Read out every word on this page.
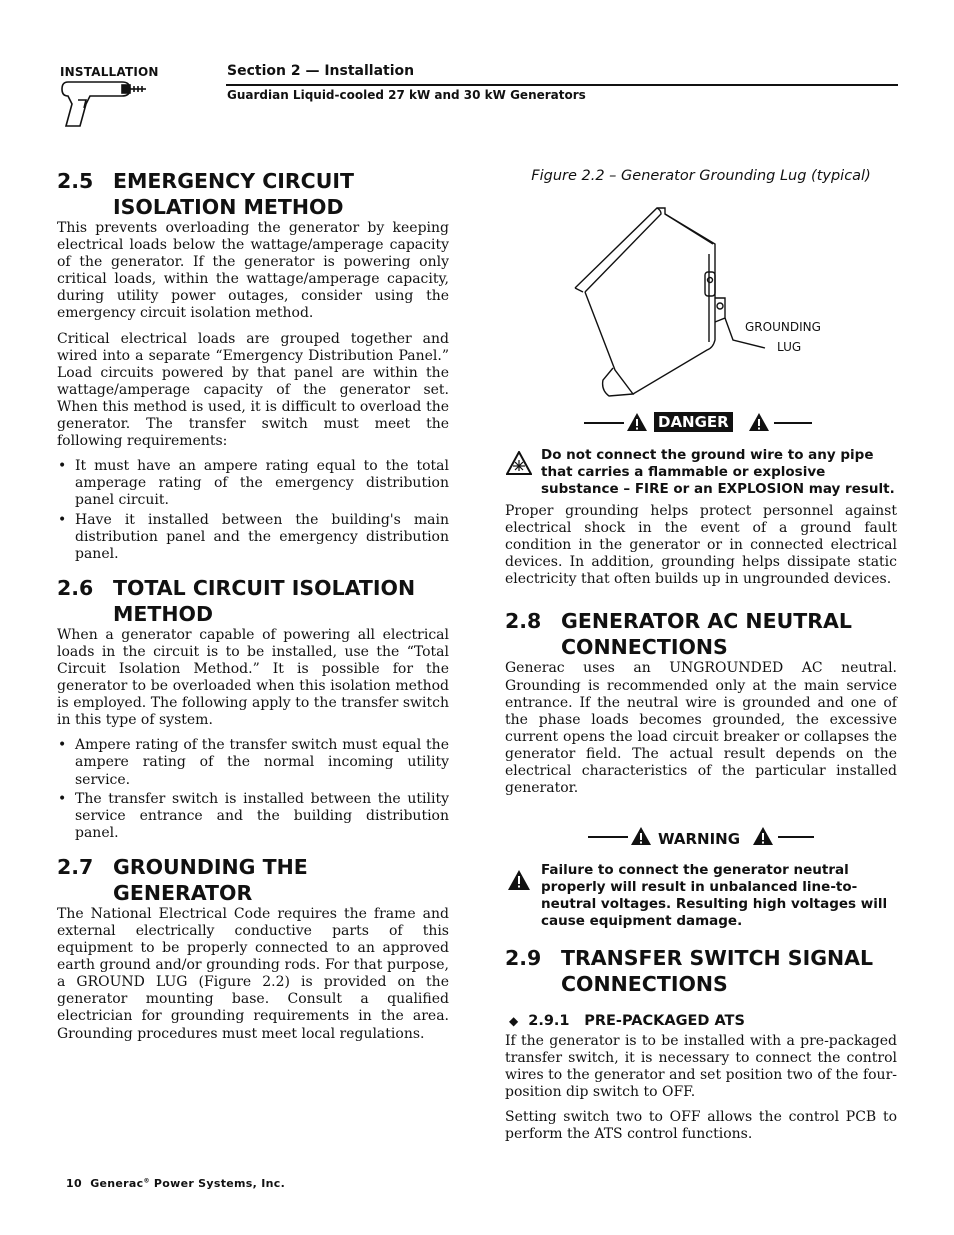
INSTALLATION	Section 2 — Installation
Guardian Liquid-cooled 27 kW and 30 kW Generators
2.5 EMERGENCY CIRCUIT ISOLATION METHOD

This prevents overloading the generator by keeping electrical loads below the wattage/amperage capacity of the generator. If the generator is powering only critical loads, within the wattage/amperage capacity, during utility power outages, consider using the emergency circuit isolation method.

Critical electrical loads are grouped together and wired into a separate “Emergency Distribution Panel.” Load circuits powered by that panel are within the wattage/amperage capacity of the generator set. When this method is used, it is difficult to overload the generator. The transfer switch must meet the following requirements:

• It must have an ampere rating equal to the total amperage rating of the emergency distribution panel circuit.
• Have it installed between the building's main distribution panel and the emergency distribution panel.
2.6 TOTAL CIRCUIT ISOLATION METHOD

When a generator capable of powering all electrical loads in the circuit is to be installed, use the “Total Circuit Isolation Method.” It is possible for the generator to be overloaded when this isolation method is employed. The following apply to the transfer switch in this type of system.

• Ampere rating of the transfer switch must equal the ampere rating of the normal incoming utility service.
• The transfer switch is installed between the utility service entrance and the building distribution panel.
2.7 GROUNDING THE GENERATOR

The National Electrical Code requires the frame and external electrically conductive parts of this equipment to be properly connected to an approved earth ground and/or grounding rods. For that purpose, a GROUND LUG (Figure 2.2) is provided on the generator mounting base. Consult a qualified electrician for grounding requirements in the area. Grounding procedures must meet local regulations.

Figure 2.2 – Generator Grounding Lug (typical)

GROUNDING
LUG
DANGER
Do not connect the ground wire to any pipe that carries a flammable or explosive substance – FIRE or an EXPLOSION may result.

Proper grounding helps protect personnel against electrical shock in the event of a ground fault condition in the generator or in connected electrical devices. In addition, grounding helps dissipate static electricity that often builds up in ungrounded devices.

2.8 GENERATOR AC NEUTRAL CONNECTIONS

Generac uses an UNGROUNDED AC neutral. Grounding is recommended only at the main service entrance. If the neutral wire is grounded and one of the phase loads becomes grounded, the excessive current opens the load circuit breaker or collapses the generator field. The actual result depends on the electrical characteristics of the particular installed generator.

WARNING
Failure to connect the generator neutral properly will result in unbalanced line-to-neutral voltages. Resulting high voltages will cause equipment damage.
2.9 TRANSFER SWITCH SIGNAL CONNECTIONS
◆ 2.9.1	PRE-PACKAGED ATS

If the generator is to be installed with a pre-packaged transfer switch, it is necessary to connect the control wires to the generator and set position two of the four-position dip switch to OFF.

Setting switch two to OFF allows the control PCB to perform the ATS control functions.

10 Generac® Power Systems, Inc.
